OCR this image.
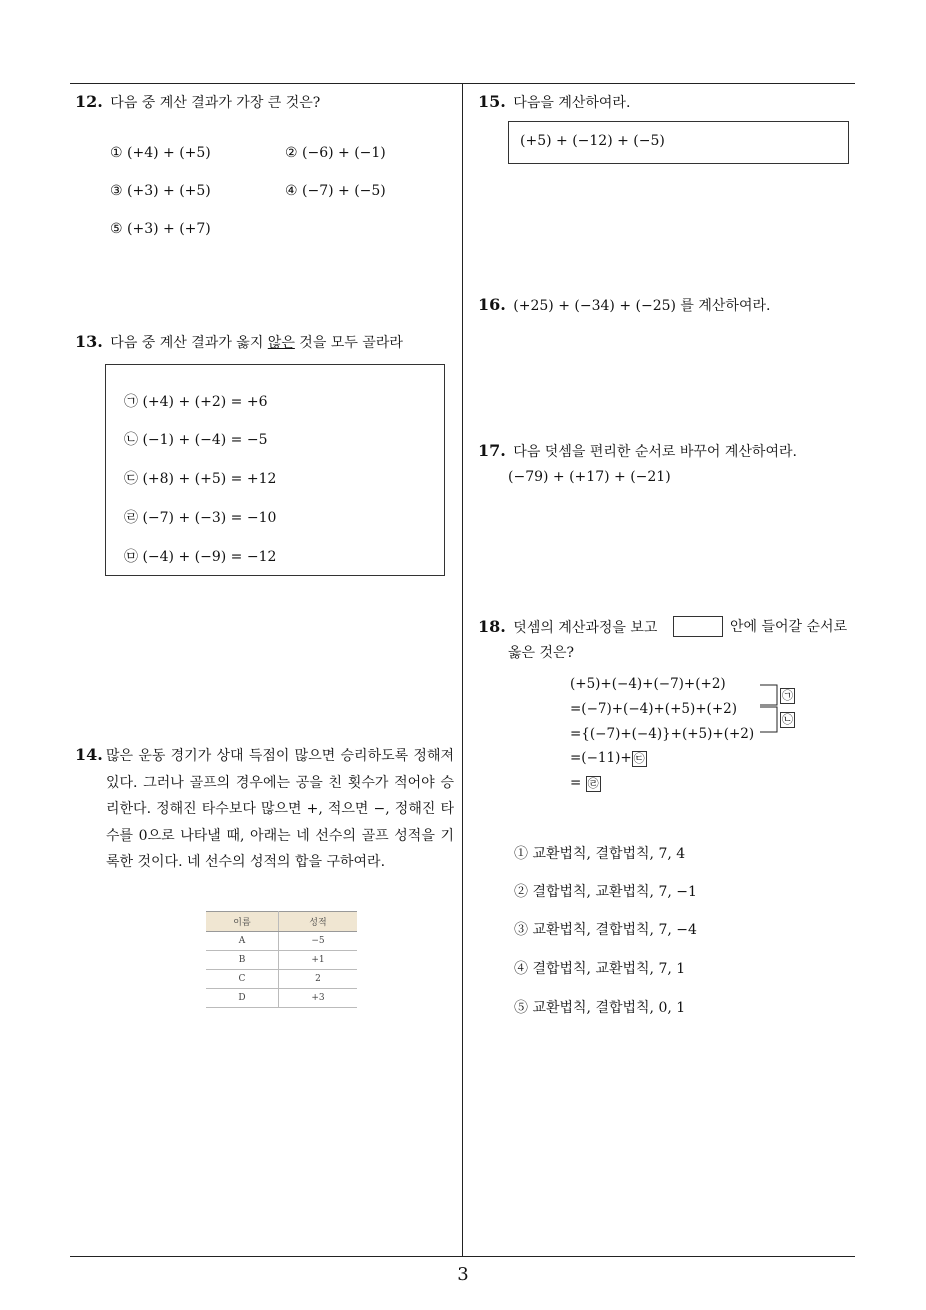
12. 다음 중 계산 결과가 가장 큰 것은?
① (+4) + (+5)	② (−6) + (−1)
③ (+3) + (+5)	④ (−7) + (−5)
⑤ (+3) + (+7)
13. 다음 중 계산 결과가 옳지 않은 것을 모두 골라라
㉠ (+4) + (+2) = +6
㉡ (−1) + (−4) = −5
㉢ (+8) + (+5) = +12
㉣ (−7) + (−3) = −10
㉤ (−4) + (−9) = −12
14. 많은 운동 경기가 상대 득점이 많으면 승리하도록 정해져 있다. 그러나 골프의 경우에는 공을 친 횟수가 적어야 승리한다. 정해진 타수보다 많으면 +, 적으면 −, 정해진 타수를 0으로 나타낼 때, 아래는 네 선수의 골프 성적을 기록한 것이다. 네 선수의 성적의 합을 구하여라.
이름	성적
A	−5
B	+1
C	2
D	+3
15. 다음을 계산하여라.
(+5) + (−12) + (−5)
16. (+25) + (−34) + (−25) 를 계산하여라.
17. 다음 덧셈을 편리한 순서로 바꾸어 계산하여라.
(−79) + (+17) + (−21)
18. 덧셈의 계산과정을 보고	안에 들어갈 순서로
옳은 것은?
(+5)+(−4)+(−7)+(+2)
=(−7)+(−4)+(+5)+(+2)
={(−7)+(−4)}+(+5)+(+2)
=(−11)+ ㉢
= ㉣
㉠
㉡
① 교환법칙, 결합법칙, 7, 4
② 결합법칙, 교환법칙, 7, −1
③ 교환법칙, 결합법칙, 7, −4
④ 결합법칙, 교환법칙, 7, 1
⑤ 교환법칙, 결합법칙, 0, 1
3
